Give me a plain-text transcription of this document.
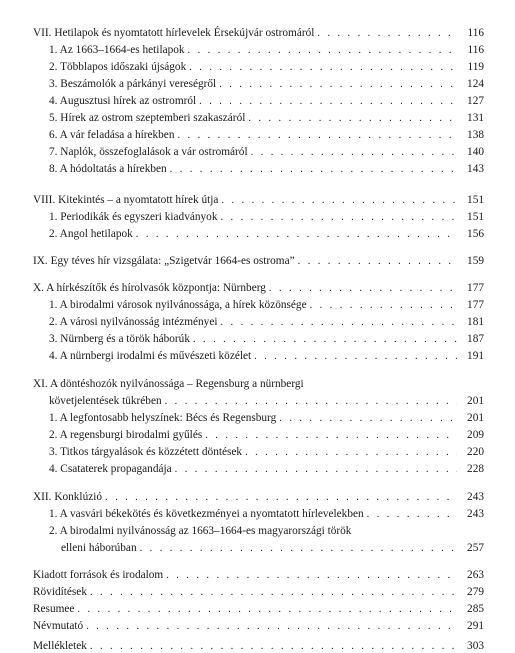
VII. Hetilapok és nyomtatott hírlevelek Érsekújvár ostromáról . . .	116
1. Az 1663–1664-es hetilapok . . .	116
2. Többlapos időszaki újságok . . .	119
3. Beszámolók a párkányi vereségről . . .	124
4. Augusztusi hírek az ostromról . . .	127
5. Hírek az ostrom szeptemberi szakaszáról . . .	131
6. A vár feladása a hírekben . . .	138
7. Naplók, összefoglalások a vár ostromáról . . .	140
8. A hódoltatás a hírekben . . .	143
VIII. Kitekintés – a nyomtatott hírek útja . . .	151
1. Periodikák és egyszeri kiadványok . . .	151
2. Angol hetilapok . . .	156
IX. Egy téves hír vizsgálata: „Szigetvár 1664-es ostroma” . . .	159
X. A hírkészítők és hírolvasók központja: Nürnberg . . .	177
1. A birodalmi városok nyilvánossága, a hírek közönsége . . .	177
2. A városi nyilvánosság intézményei . . .	181
3. Nürnberg és a török háborúk . . .	187
4. A nürnbergi irodalmi és művészeti közélet . . .	191
XI. A döntéshozók nyilvánossága – Regensburg a nürnbergi
követjelentések tükrében . . .	201
1. A legfontosabb helyszínek: Bécs és Regensburg . . .	201
2. A regensburgi birodalmi gyűlés . . .	209
3. Titkos tárgyalások és közzétett döntések . . .	220
4. Csataterek propagandája . . .	228
XII. Konklúzió . . .	243
1. A vasvári békekötés és következményei a nyomtatott hírlevelekben . . .	243
2. A birodalmi nyilvánosság az 1663–1664-es magyarországi török
elleni háborúban . . .	257
Kiadott források és irodalom . . .	263
Rövidítések . . .	279
Resumee . . .	285
Névmutató . . .	291
Mellékletek . . .	303
